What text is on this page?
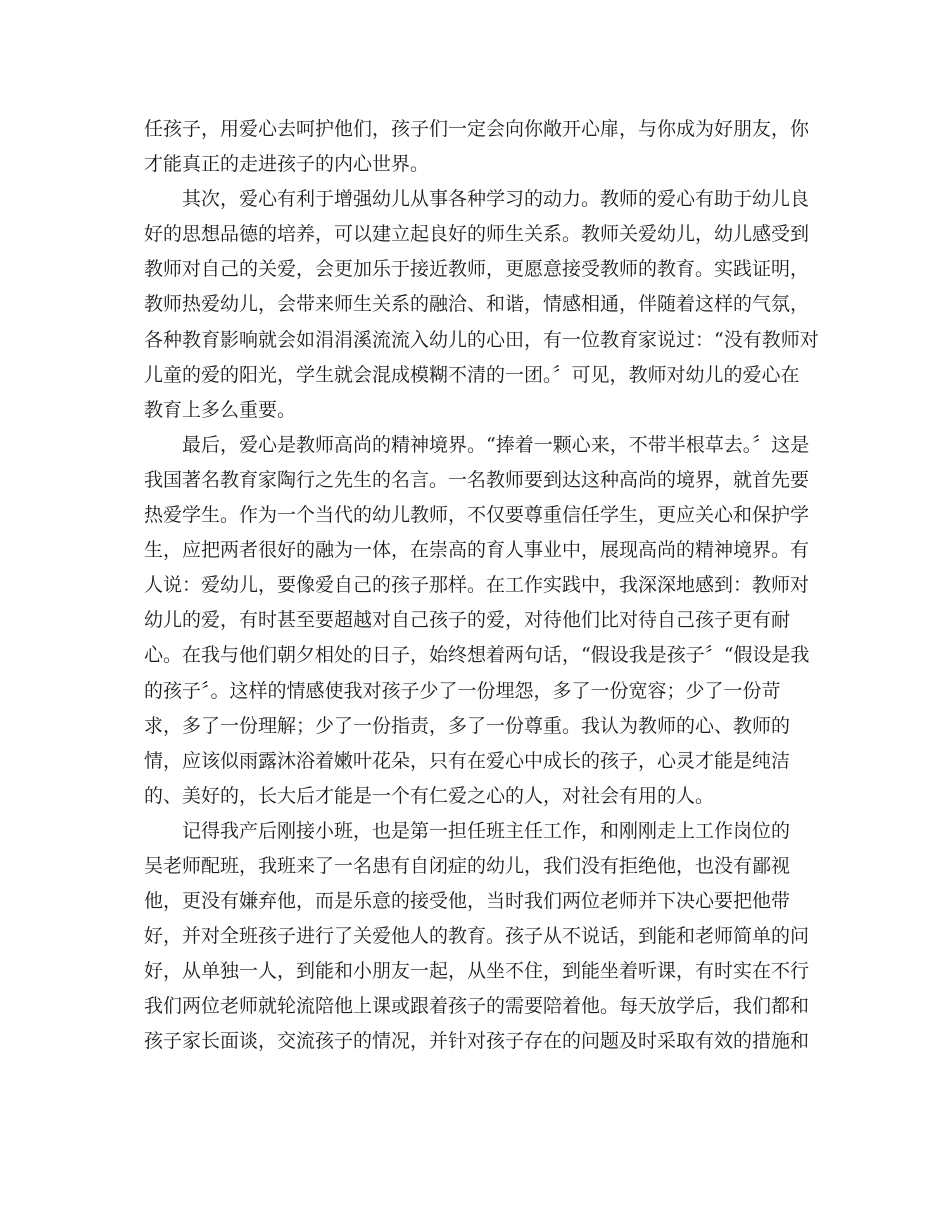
任孩子，用爱心去呵护他们，孩子们一定会向你敞开心扉，与你成为好朋友，你
才能真正的走进孩子的内心世界。
其次，爱心有利于增强幼儿从事各种学习的动力。教师的爱心有助于幼儿良
好的思想品德的培养，可以建立起良好的师生关系。教师关爱幼儿，幼儿感受到
教师对自己的关爱，会更加乐于接近教师，更愿意接受教师的教育。实践证明，
教师热爱幼儿，会带来师生关系的融洽、和谐，情感相通，伴随着这样的气氛，
各种教育影响就会如涓涓溪流流入幼儿的心田，有一位教育家说过：“没有教师对
儿童的爱的阳光，学生就会混成模糊不清的一团。〞可见，教师对幼儿的爱心在
教育上多么重要。
最后，爱心是教师高尚的精神境界。“捧着一颗心来，不带半根草去。〞这是
我国著名教育家陶行之先生的名言。一名教师要到达这种高尚的境界，就首先要
热爱学生。作为一个当代的幼儿教师，不仅要尊重信任学生，更应关心和保护学
生，应把两者很好的融为一体，在崇高的育人事业中，展现高尚的精神境界。有
人说：爱幼儿，要像爱自己的孩子那样。在工作实践中，我深深地感到：教师对
幼儿的爱，有时甚至要超越对自己孩子的爱，对待他们比对待自己孩子更有耐
心。在我与他们朝夕相处的日子，始终想着两句话，“假设我是孩子〞“假设是我
的孩子〞。这样的情感使我对孩子少了一份埋怨，多了一份宽容；少了一份苛
求，多了一份理解；少了一份指责，多了一份尊重。我认为教师的心、教师的
情，应该似雨露沐浴着嫩叶花朵，只有在爱心中成长的孩子，心灵才能是纯洁
的、美好的，长大后才能是一个有仁爱之心的人，对社会有用的人。
记得我产后刚接小班，也是第一担任班主任工作，和刚刚走上工作岗位的
吴老师配班，我班来了一名患有自闭症的幼儿，我们没有拒绝他，也没有鄙视
他，更没有嫌弃他，而是乐意的接受他，当时我们两位老师并下决心要把他带
好，并对全班孩子进行了关爱他人的教育。孩子从不说话，到能和老师简单的问
好，从单独一人，到能和小朋友一起，从坐不住，到能坐着听课，有时实在不行
我们两位老师就轮流陪他上课或跟着孩子的需要陪着他。每天放学后，我们都和
孩子家长面谈，交流孩子的情况，并针对孩子存在的问题及时采取有效的措施和
